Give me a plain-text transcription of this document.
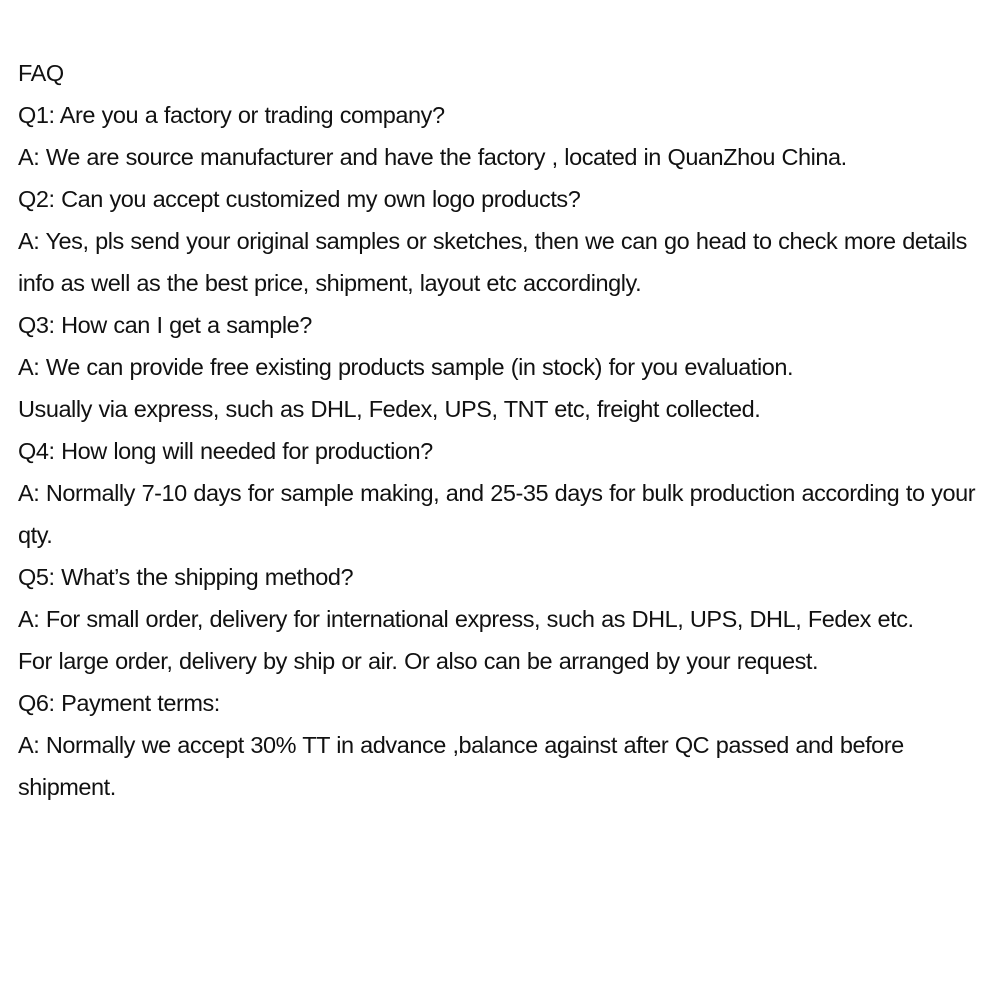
FAQ

Q1: Are you a factory or trading company?

A: We are source manufacturer and have the factory , located in QuanZhou China.

Q2: Can you accept customized my own logo products?

A: Yes, pls send your original samples or sketches, then we can go head to check more details info as well as the best price, shipment, layout etc accordingly.

Q3: How can I get a sample?

A: We can provide free existing products sample (in stock) for you evaluation.

Usually via express, such as DHL, Fedex, UPS, TNT etc, freight collected.

Q4: How long will needed for production?

A: Normally 7-10 days for sample making, and 25-35 days for bulk production according to your qty.

Q5: What’s the shipping method?

A: For small order, delivery for international express, such as DHL, UPS, DHL, Fedex etc.

For large order, delivery by ship or air. Or also can be arranged by your request.

Q6: Payment terms:

A: Normally we accept 30% TT in advance ,balance against after QC passed and before shipment.
